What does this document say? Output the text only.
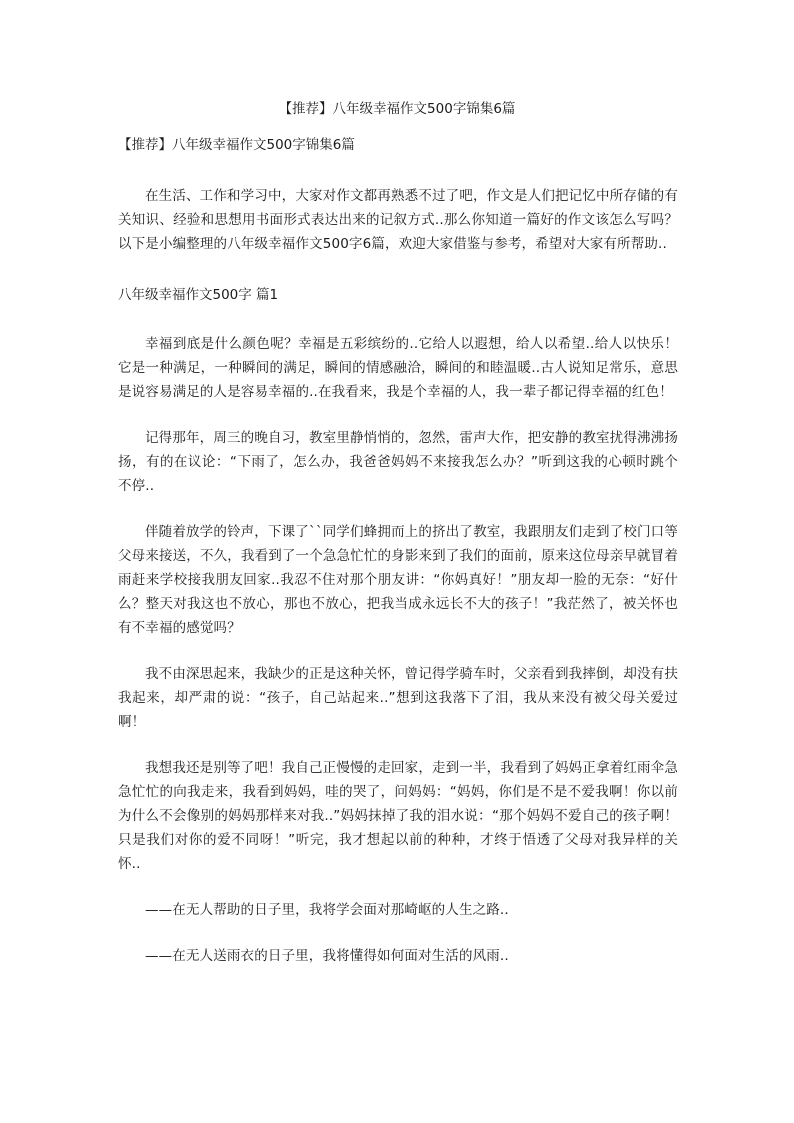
【推荐】八年级幸福作文500字锦集6篇
【推荐】八年级幸福作文500字锦集6篇

在生活、工作和学习中，大家对作文都再熟悉不过了吧，作文是人们把记忆中所存储的有关知识、经验和思想用书面形式表达出来的记叙方式..那么你知道一篇好的作文该怎么写吗？以下是小编整理的八年级幸福作文500字6篇，欢迎大家借鉴与参考，希望对大家有所帮助..

八年级幸福作文500字 篇1

幸福到底是什么颜色呢？幸福是五彩缤纷的..它给人以遐想，给人以希望..给人以快乐！它是一种满足，一种瞬间的满足，瞬间的情感融洽，瞬间的和睦温暖..古人说知足常乐，意思是说容易满足的人是容易幸福的..在我看来，我是个幸福的人，我一辈子都记得幸福的红色！

记得那年，周三的晚自习，教室里静悄悄的，忽然，雷声大作，把安静的教室扰得沸沸扬扬，有的在议论：“下雨了，怎么办，我爸爸妈妈不来接我怎么办？”听到这我的心顿时跳个不停..

伴随着放学的铃声，下课了``同学们蜂拥而上的挤出了教室，我跟朋友们走到了校门口等父母来接送，不久，我看到了一个急急忙忙的身影来到了我们的面前，原来这位母亲早就冒着雨赶来学校接我朋友回家..我忍不住对那个朋友讲：“你妈真好！”朋友却一脸的无奈：“好什么？整天对我这也不放心，那也不放心，把我当成永远长不大的孩子！”我茫然了，被关怀也有不幸福的感觉吗？

我不由深思起来，我缺少的正是这种关怀，曾记得学骑车时，父亲看到我摔倒，却没有扶我起来，却严肃的说：“孩子，自己站起来..”想到这我落下了泪，我从来没有被父母关爱过啊！

我想我还是别等了吧！我自己正慢慢的走回家，走到一半，我看到了妈妈正拿着红雨伞急急忙忙的向我走来，我看到妈妈，哇的哭了，问妈妈：“妈妈，你们是不是不爱我啊！你以前为什么不会像别的妈妈那样来对我..”妈妈抹掉了我的泪水说：“那个妈妈不爱自己的孩子啊！只是我们对你的爱不同呀！”听完，我才想起以前的种种，才终于悟透了父母对我异样的关怀..

——在无人帮助的日子里，我将学会面对那崎岖的人生之路..

——在无人送雨衣的日子里，我将懂得如何面对生活的风雨..
